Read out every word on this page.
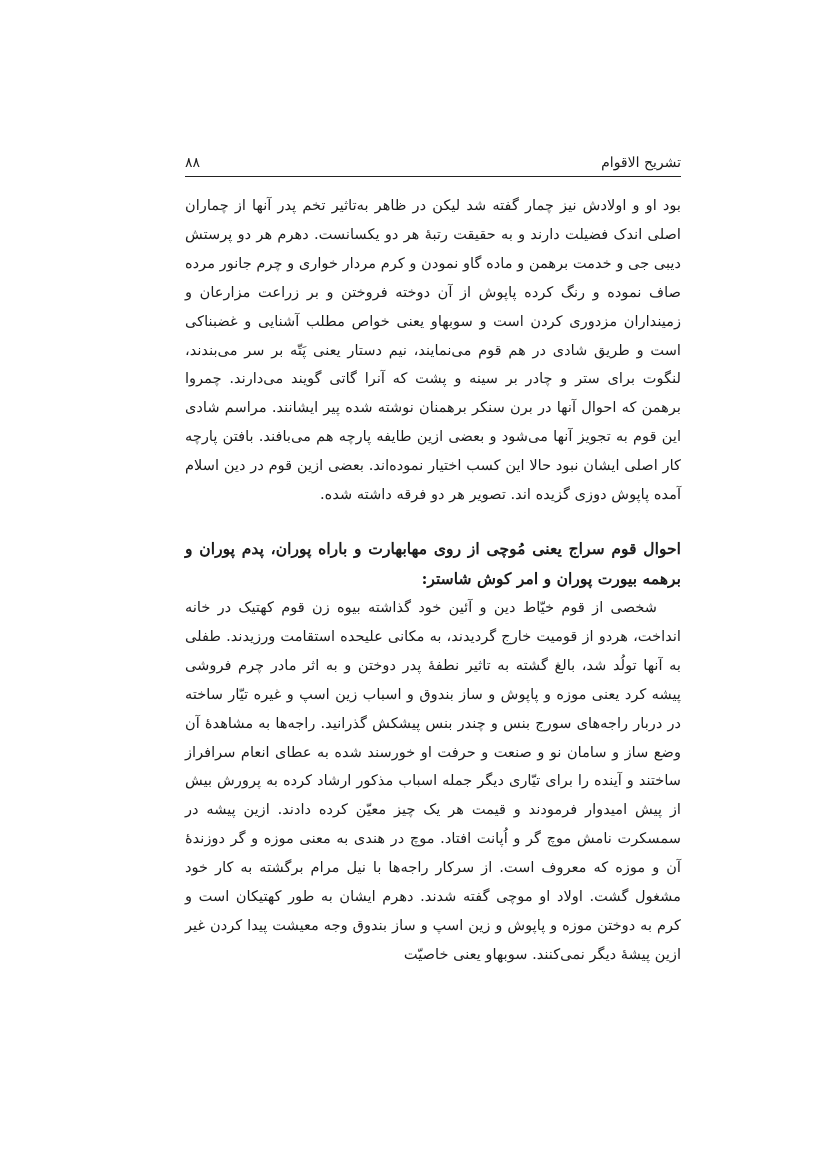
تشریح الاقوام
۸۸

بود او و اولادش نیز چمار گفته شد لیکن در ظاهر به‌تاثیر تخم پدر آنها از چماران اصلی اندک فضیلت دارند و به حقیقت رتبهٔ هر دو یکسانست. دهرم هر دو پرستش دیبی جی و خدمت برهمن و ماده گاو نمودن و کرم مردار خواری و چرم جانور مرده صاف نموده و رنگ کرده پاپوش از آن دوخته فروختن و بر زراعت مزارعان و زمینداران مزدوری کردن است و سوبهاو یعنی خواص مطلب آشنایی و غضبناکی است و طریق شادی در هم قوم می‌نمایند، نیم دستار یعنی پَتّه بر سر می‌بندند، لنگوت برای ستر و چادر بر سینه و پشت که آنرا گاتی گویند می‌دارند. چمروا برهمن که احوال آنها در برن سنکر برهمنان نوشته شده پیر ایشانند. مراسم شادی این قوم به تجویز آنها می‌شود و بعضی ازین طایفه پارچه هم می‌بافند. بافتن پارچه کار اصلی ایشان نبود حالا این کسب اختیار نموده‌اند. بعضی ازین قوم در دین اسلام آمده پاپوش دوزی گزیده اند. تصویر هر دو فرقه داشته شده.

احوال قوم سراج یعنی مُوچی از روی مهابهارت و باراه پوران، پدم پوران و برهمه بیورت پوران و امر کوش شاستر:

شخصی از قوم خیّاط دین و آئین خود گذاشته بیوه زن قوم کهتیک در خانه انداخت، هردو از قومیت خارج گردیدند، به مکانی علیحده استقامت ورزیدند. طفلی به آنها تولُد شد، بالغ گشته به تاثیر نطفهٔ پدر دوختن و به اثر مادر چرم فروشی پیشه کرد یعنی موزه و پاپوش و ساز بندوق و اسباب زین اسپ و غیره تیّار ساخته در دربار راجه‌های سورج بنس و چندر بنس پیشکش گذرانید. راجه‌ها به مشاهدهٔ آن وضع ساز و سامان نو و صنعت و حرفت او خورسند شده به عطای انعام سرافراز ساختند و آینده را برای تیّاری دیگر جمله اسباب مذکور ارشاد کرده به پرورش بیش از پیش امیدوار فرمودند و قیمت هر یک چیز معیّن کرده دادند. ازین پیشه در سمسکرت نامش موچ گر و اُپانت افتاد. موچ در هندی به معنی موزه و گر دوزندهٔ آن و موزه که معروف است. از سرکار راجه‌ها با نیل مرام برگشته به کار خود مشغول گشت. اولاد او موچی گفته شدند. دهرم ایشان به طور کهتیکان است و کرم به دوختن موزه و پاپوش و زین اسپ و ساز بندوق وجه معیشت پیدا کردن غیر ازین پیشهٔ دیگر نمی‌کنند. سوبهاو یعنی خاصیّت
